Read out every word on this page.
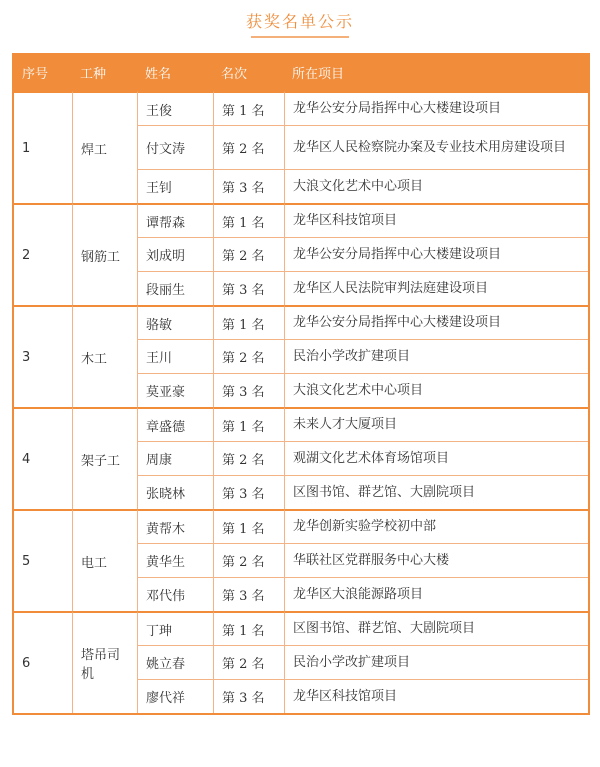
获奖名单公示
序号	工种	姓名	名次	所在项目
1	焊工	王俊	第 1 名	龙华公安分局指挥中心大楼建设项目
		付文涛	第 2 名	龙华区人民检察院办案及专业技术用房建设项目
		王钊	第 3 名	大浪文化艺术中心项目
2	钢筋工	谭帮森	第 1 名	龙华区科技馆项目
		刘成明	第 2 名	龙华公安分局指挥中心大楼建设项目
		段丽生	第 3 名	龙华区人民法院审判法庭建设项目
3	木工	骆敏	第 1 名	龙华公安分局指挥中心大楼建设项目
		王川	第 2 名	民治小学改扩建项目
		莫亚豪	第 3 名	大浪文化艺术中心项目
4	架子工	章盛德	第 1 名	未来人才大厦项目
		周康	第 2 名	观湖文化艺术体育场馆项目
		张晓林	第 3 名	区图书馆、群艺馆、大剧院项目
5	电工	黄帮木	第 1 名	龙华创新实验学校初中部
		黄华生	第 2 名	华联社区党群服务中心大楼
		邓代伟	第 3 名	龙华区大浪能源路项目
6	塔吊司机	丁珅	第 1 名	区图书馆、群艺馆、大剧院项目
		姚立春	第 2 名	民治小学改扩建项目
		廖代祥	第 3 名	龙华区科技馆项目
